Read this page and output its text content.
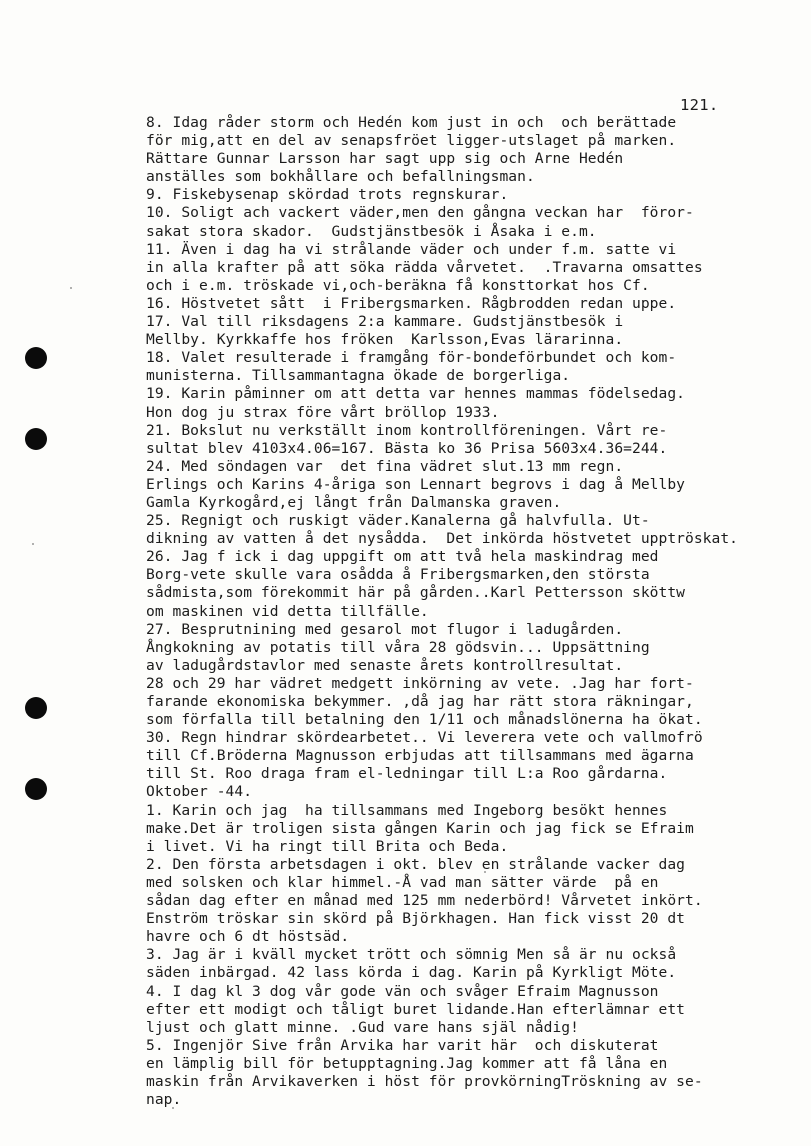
121.
8. Idag råder storm och Hedén kom just in och  och berättade
för mig,att en del av senapsfröet ligger-utslaget på marken.
Rättare Gunnar Larsson har sagt upp sig och Arne Hedén
anställes som bokhållare och befallningsman.
9. Fiskebysenap skördad trots regnskurar.
10. Soligt ach vackert väder,men den gångna veckan har  föror-
sakat stora skador.  Gudstjänstbesök i Åsaka i e.m.
11. Även i dag ha vi strålande väder och under f.m. satte vi
in alla krafter på att söka rädda vårvetet.  .Travarna omsattes
och i e.m. tröskade vi,och-beräkna få konsttorkat hos Cf.
16. Höstvetet sått  i Fribergsmarken. Rågbrodden redan uppe.
17. Val till riksdagens 2:a kammare. Gudstjänstbesök i
Mellby. Kyrkkaffe hos fröken  Karlsson,Evas lärarinna.
18. Valet resulterade i framgång för-bondeförbundet och kom-
munisterna. Tillsammantagna ökade de borgerliga.
19. Karin påminner om att detta var hennes mammas födelsedag.
Hon dog ju strax före vårt bröllop 1933.
21. Bokslut nu verkställt inom kontrollföreningen. Vårt re-
sultat blev 4103x4.06=167. Bästa ko 36 Prisa 5603x4.36=244.
24. Med söndagen var  det fina vädret slut.13 mm regn.
Erlings och Karins 4-åriga son Lennart begrovs i dag å Mellby
Gamla Kyrkogård,ej långt från Dalmanska graven.
25. Regnigt och ruskigt väder.Kanalerna gå halvfulla. Ut-
dikning av vatten å det nysådda.  Det inkörda höstvetet upptröskat.
26. Jag f ick i dag uppgift om att två hela maskindrag med
Borg-vete skulle vara osådda å Fribergsmarken,den största
sådmista,som förekommit här på gården..Karl Pettersson sköttw
om maskinen vid detta tillfälle.
27. Besprutnining med gesarol mot flugor i ladugården.
Ångkokning av potatis till våra 28 gödsvin... Uppsättning
av ladugårdstavlor med senaste årets kontrollresultat.
28 och 29 har vädret medgett inkörning av vete. .Jag har fort-
farande ekonomiska bekymmer. ,då jag har rätt stora räkningar,
som förfalla till betalning den 1/11 och månadslönerna ha ökat.
30. Regn hindrar skördearbetet.. Vi leverera vete och vallmofrö
till Cf.Bröderna Magnusson erbjudas att tillsammans med ägarna
till St. Roo draga fram el-ledningar till L:a Roo gårdarna.
Oktober -44.
1. Karin och jag  ha tillsammans med Ingeborg besökt hennes
make.Det är troligen sista gången Karin och jag fick se Efraim
i livet. Vi ha ringt till Brita och Beda.
2. Den första arbetsdagen i okt. blev en strålande vacker dag
med solsken och klar himmel.-Å vad man sätter värde  på en
sådan dag efter en månad med 125 mm nederbörd! Vårvetet inkört.
Enström tröskar sin skörd på Björkhagen. Han fick visst 20 dt
havre och 6 dt höstsäd.
3. Jag är i kväll mycket trött och sömnig Men så är nu också
säden inbärgad. 42 lass körda i dag. Karin på Kyrkligt Möte.
4. I dag kl 3 dog vår gode vän och svåger Efraim Magnusson
efter ett modigt och tåligt buret lidande.Han efterlämnar ett
ljust och glatt minne. .Gud vare hans själ nådig!
5. Ingenjör Sive från Arvika har varit här  och diskuterat
en lämplig bill för betupptagning.Jag kommer att få låna en
maskin från Arvikaverken i höst för provkörningTröskning av se-
nap.
